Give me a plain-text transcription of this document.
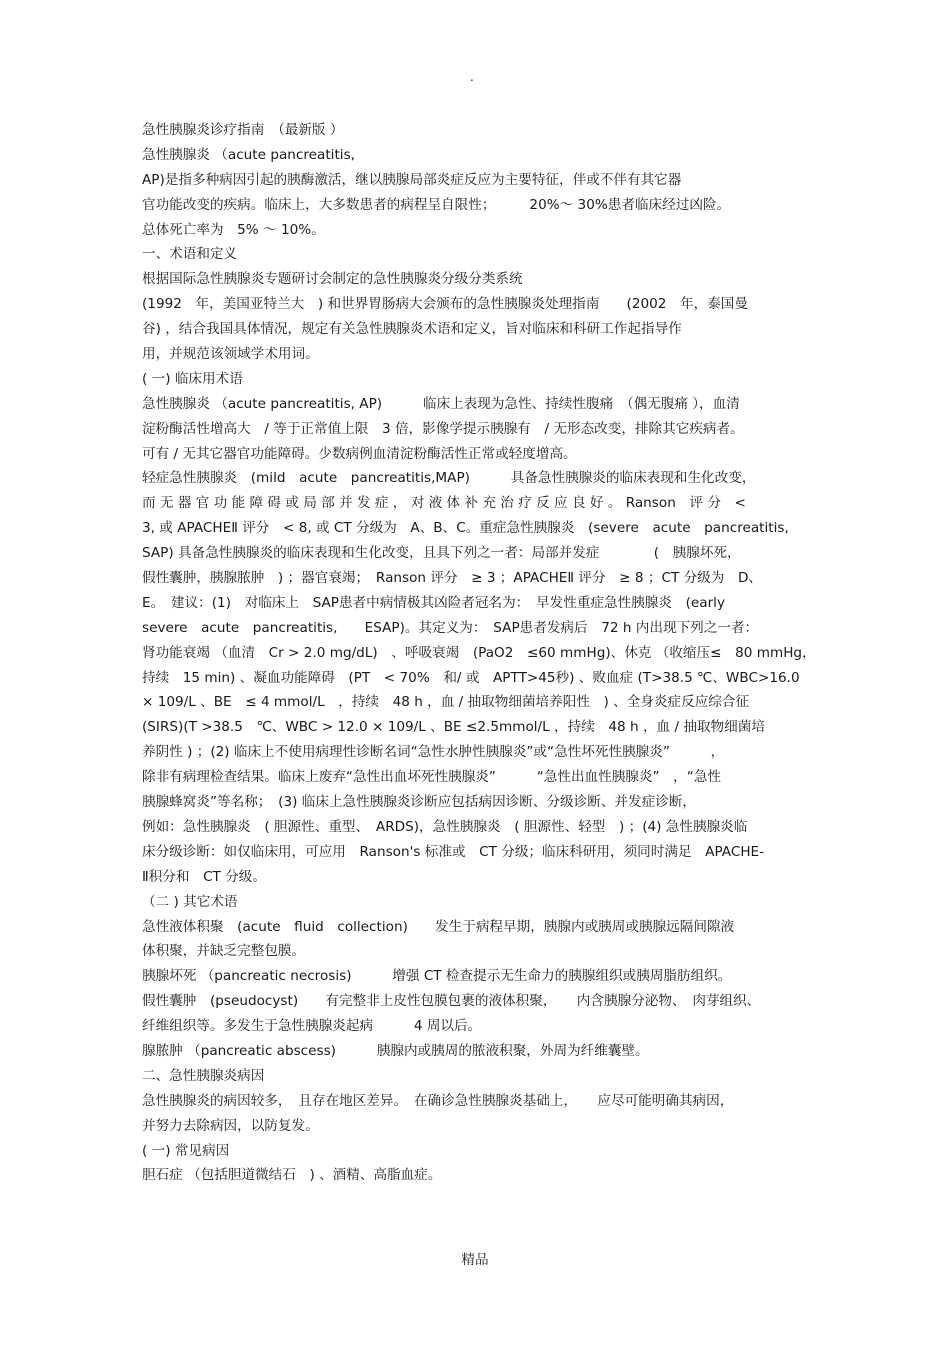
.
急性胰腺炎诊疗指南　（最新版 ）
急性胰腺炎 （acute pancreatitis,
AP)是指多种病因引起的胰酶激活，继以胰腺局部炎症反应为主要特征，伴或不伴有其它器
官功能改变的疾病。临床上，大多数患者的病程呈自限性；　　　20%～ 30%患者临床经过凶险。
总体死亡率为　5% ～ 10%。
一、术语和定义
根据国际急性胰腺炎专题研讨会制定的急性胰腺炎分级分类系统
(1992　年，美国亚特兰大　) 和世界胃肠病大会颁布的急性胰腺炎处理指南　　(2002　年，泰国曼
谷) ，结合我国具体情况，规定有关急性胰腺炎术语和定义，旨对临床和科研工作起指导作
用，并规范该领域学术用词。
( 一) 临床用术语
急性胰腺炎 （acute pancreatitis, AP)　　　临床上表现为急性、持续性腹痛　（偶无腹痛 ），血清
淀粉酶活性增高大　/ 等于正常值上限　3 倍，影像学提示胰腺有　/ 无形态改变，排除其它疾病者。
可有 / 无其它器官功能障碍。少数病例血清淀粉酶活性正常或轻度增高。
轻症急性胰腺炎　(mild　acute　pancreatitis,MAP)　　　具备急性胰腺炎的临床表现和生化改变，
而 无 器 官 功 能 障 碍 或 局 部 并 发 症 ， 对 液 体 补 充 治 疗 反 应 良 好 。 Ranson　评 分　<
3, 或 APACHEⅡ 评分　< 8, 或 CT 分级为　A、B、C。重症急性胰腺炎　(severe　acute　pancreatitis,
SAP) 具备急性胰腺炎的临床表现和生化改变，且具下列之一者：局部并发症　　　　(　胰腺坏死，
假性囊肿，胰腺脓肿　) ；器官衰竭；　Ranson 评分　≥ 3 ；APACHEⅡ 评分　≥ 8 ；CT 分级为　D、
E。　建议：(1)　对临床上　SAP患者中病情极其凶险者冠名为：　早发性重症急性胰腺炎　(early
severe　acute　pancreatitis,　　ESAP)。其定义为：　SAP患者发病后　72 h 内出现下列之一者：
肾功能衰竭 （血清　Cr > 2.0 mg/dL)　、呼吸衰竭　(PaO2　≤60 mmHg)、休克 （收缩压≤　80 mmHg，
持续　15 min) 、凝血功能障碍　(PT　< 70%　和/ 或　APTT>45秒) 、败血症 (T>38.5 ℃、WBC>16.0
× 109/L 、BE　≤ 4 mmol/L　，持续　48 h ，血 / 抽取物细菌培养阳性　) 、全身炎症反应综合征
(SIRS)(T >38.5　℃、WBC > 12.0 × 109/L 、BE ≤2.5mmol/L ，持续　48 h ，血 / 抽取物细菌培
养阴性 ) ；(2) 临床上不使用病理性诊断名词“急性水肿性胰腺炎”或“急性坏死性胰腺炎”　　　，
除非有病理检查结果。临床上废弃“急性出血坏死性胰腺炎”　　　“急性出血性胰腺炎”　，“急性
胰腺蜂窝炎”等名称；　(3) 临床上急性胰腺炎诊断应包括病因诊断、分级诊断、并发症诊断，
例如：急性胰腺炎　( 胆源性、重型、　ARDS)，急性胰腺炎　( 胆源性、轻型　) ；(4) 急性胰腺炎临
床分级诊断：如仅临床用，可应用　Ranson's 标准或　CT 分级；临床科研用，须同时满足　APACHE-
Ⅱ积分和　CT 分级。
（二 ) 其它术语
急性液体积聚　(acute　fluid　collection)　　发生于病程早期，胰腺内或胰周或胰腺远隔间隙液
体积聚，并缺乏完整包膜。
胰腺坏死 （pancreatic necrosis)　　　增强 CT 检查提示无生命力的胰腺组织或胰周脂肪组织。
假性囊肿　(pseudocyst)　　有完整非上皮性包膜包裹的液体积聚，　　内含胰腺分泌物、　肉芽组织、
纤维组织等。多发生于急性胰腺炎起病　　　4 周以后。
腺脓肿 （pancreatic abscess)　　　胰腺内或胰周的脓液积聚，外周为纤维囊壁。
二、急性胰腺炎病因
急性胰腺炎的病因较多，　且存在地区差异。　在确诊急性胰腺炎基础上，　　应尽可能明确其病因，
并努力去除病因，以防复发。
( 一) 常见病因
胆石症 （包括胆道微结石　) 、酒精、高脂血症。
精品
